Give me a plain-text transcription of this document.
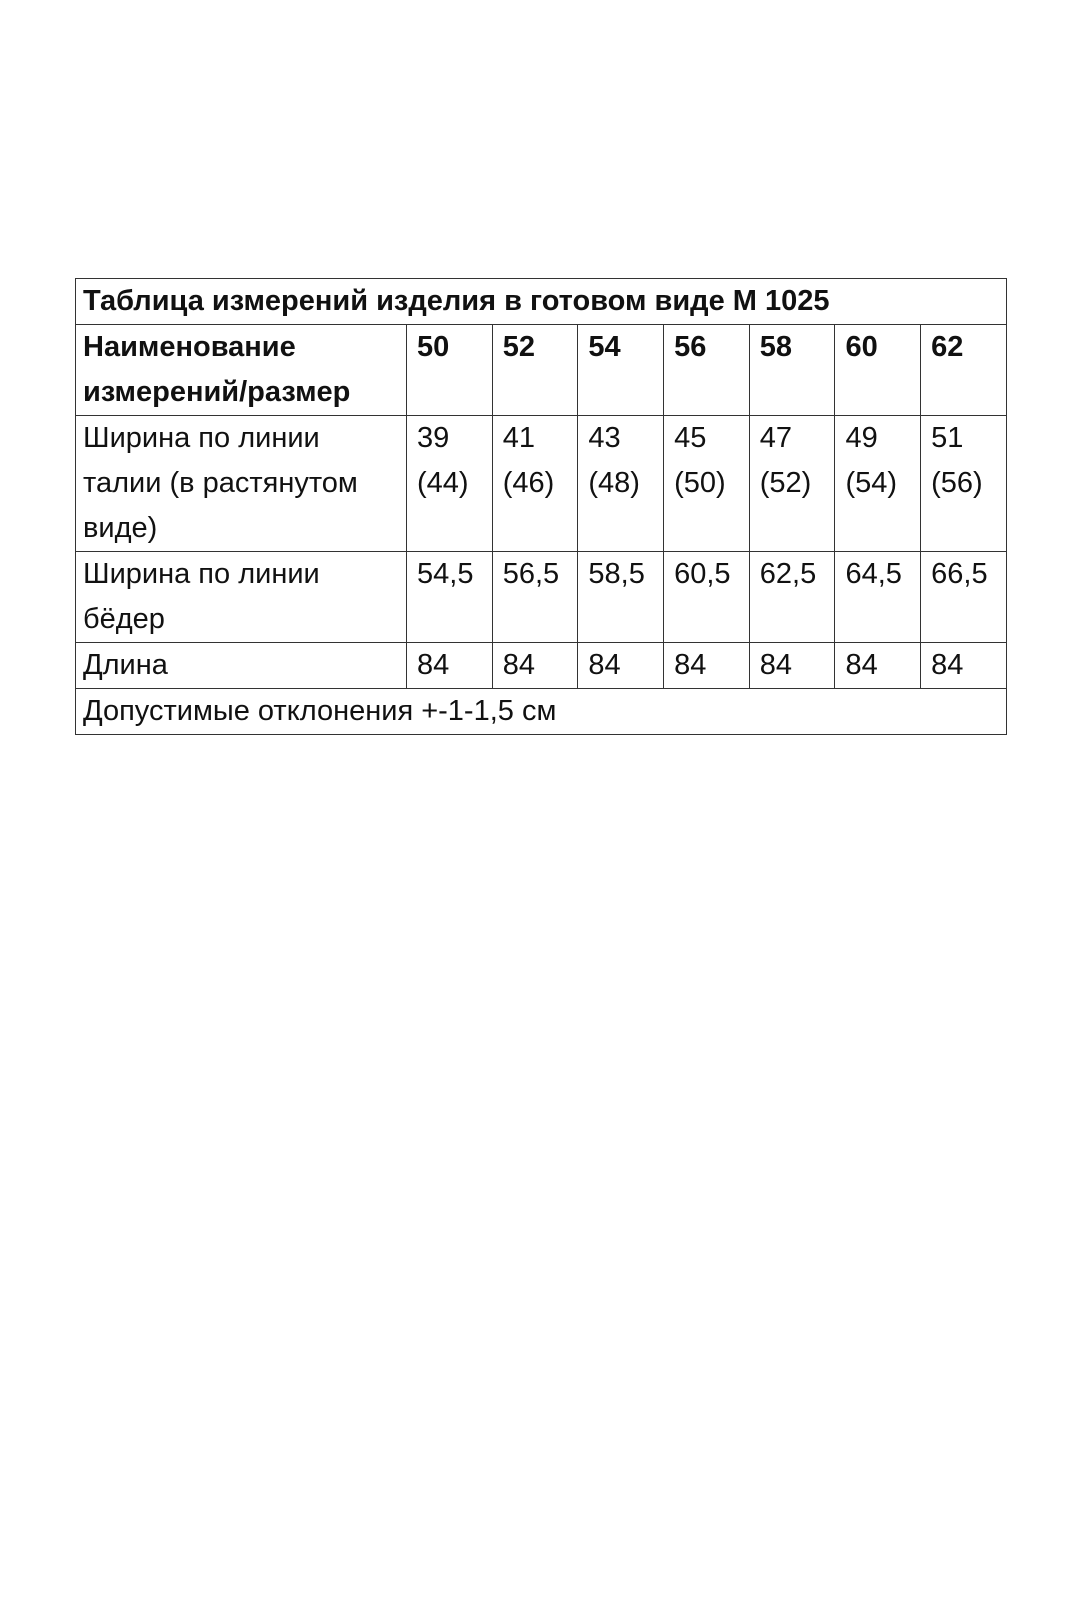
Таблица измерений изделия в готовом виде М 1025							
Наименование измерений/размер	50	52	54	56	58	60	62
Ширина по линии талии (в растянутом виде)	39 (44)	41 (46)	43 (48)	45 (50)	47 (52)	49 (54)	51 (56)
Ширина по линии бёдер	54,5	56,5	58,5	60,5	62,5	64,5	66,5
Длина	84	84	84	84	84	84	84
Допустимые отклонения +-1-1,5 см							
